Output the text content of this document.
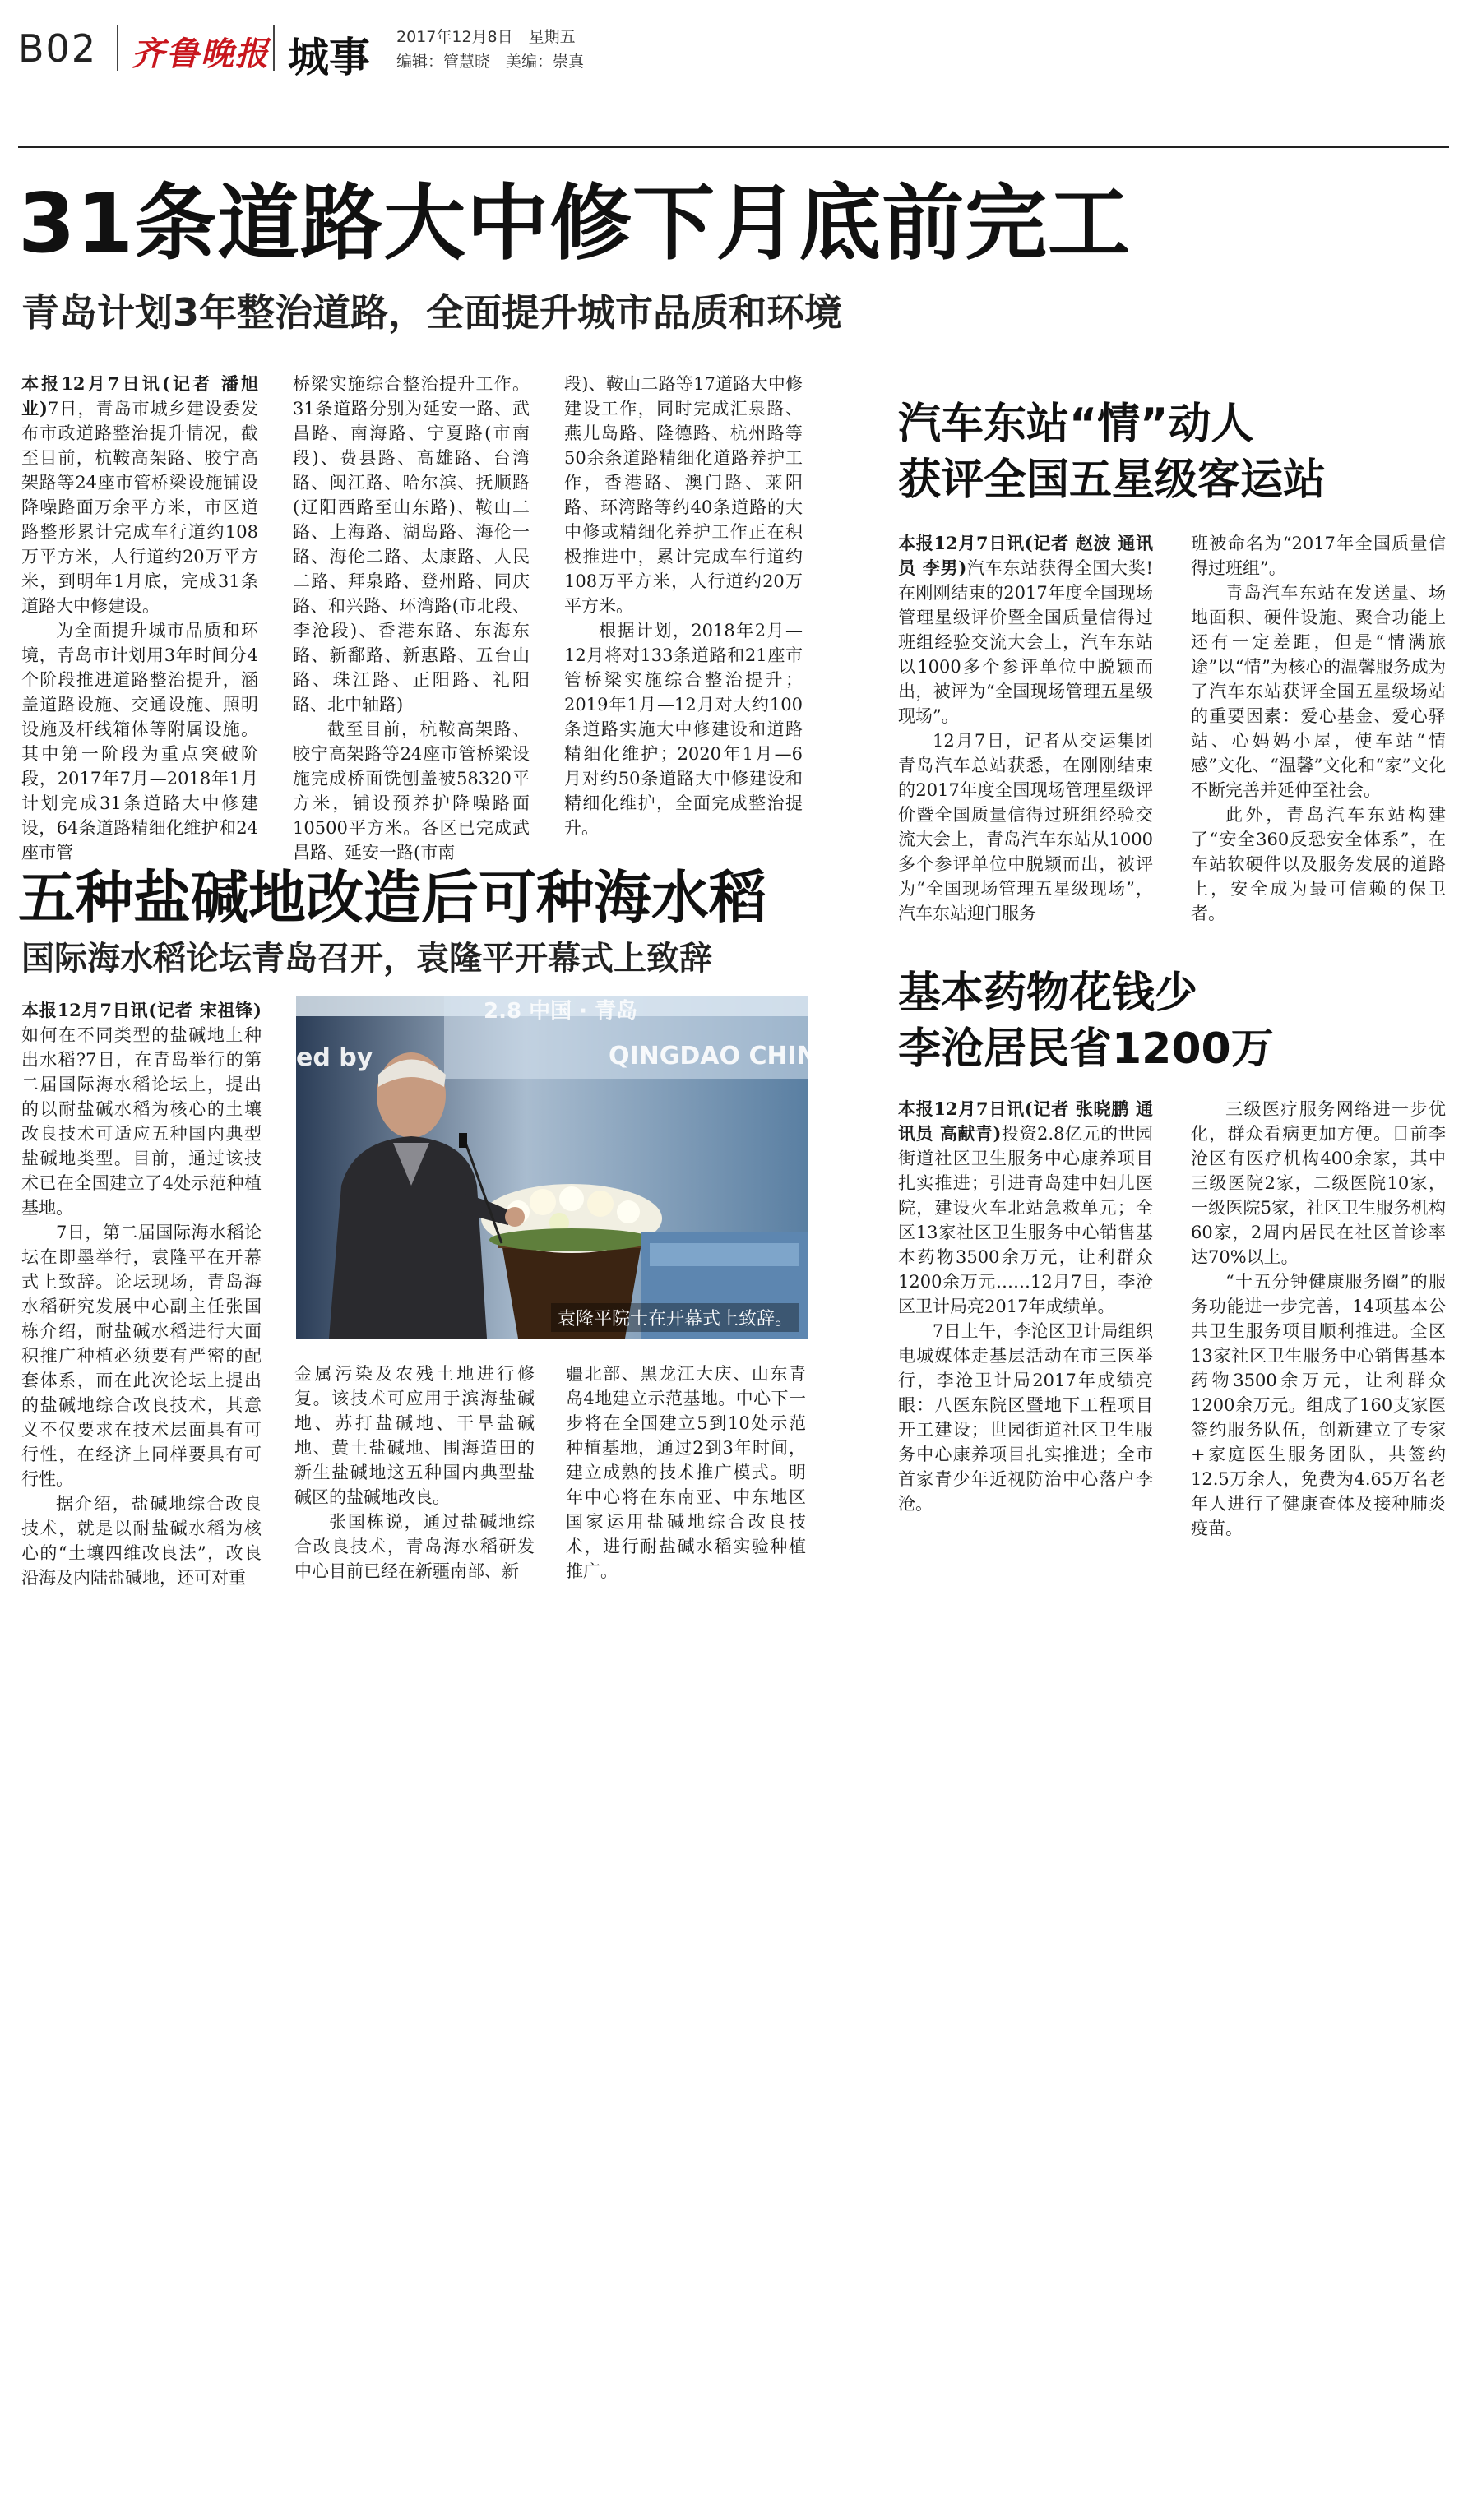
B02 齐鲁晚报 城事 2017年12月8日　星期五
编辑：管慧晓　美编：崇真
31条道路大中修下月底前完工
青岛计划3年整治道路，全面提升城市品质和环境

本报12月7日讯(记者 潘旭业)7日，青岛市城乡建设委发布市政道路整治提升情况，截至目前，杭鞍高架路、胶宁高架路等24座市管桥梁设施铺设降噪路面万余平方米，市区道路整形累计完成车行道约108万平方米，人行道约20万平方米，到明年1月底，完成31条道路大中修建设。

为全面提升城市品质和环境，青岛市计划用3年时间分4个阶段推进道路整治提升，涵盖道路设施、交通设施、照明设施及杆线箱体等附属设施。其中第一阶段为重点突破阶段，2017年7月—2018年1月计划完成31条道路大中修建设，64条道路精细化维护和24座市管

桥梁实施综合整治提升工作。31条道路分别为延安一路、武昌路、南海路、宁夏路(市南段)、费县路、高雄路、台湾路、闽江路、哈尔滨、抚顺路(辽阳西路至山东路)、鞍山二路、上海路、湖岛路、海伦一路、海伦二路、太康路、人民二路、拜泉路、登州路、同庆路、和兴路、环湾路(市北段、李沧段)、香港东路、东海东路、新鄱路、新惠路、五台山路、珠江路、正阳路、礼阳路、北中轴路)

截至目前，杭鞍高架路、胶宁高架路等24座市管桥梁设施完成桥面铣刨盖被58320平方米，铺设预养护降噪路面10500平方米。各区已完成武昌路、延安一路(市南

段)、鞍山二路等17道路大中修建设工作，同时完成汇泉路、燕儿岛路、隆德路、杭州路等50余条道路精细化道路养护工作，香港路、澳门路、莱阳路、环湾路等约40条道路的大中修或精细化养护工作正在积极推进中，累计完成车行道约108万平方米，人行道约20万平方米。

根据计划，2018年2月—12月将对133条道路和21座市管桥梁实施综合整治提升；2019年1月—12月对大约100条道路实施大中修建设和道路精细化维护；2020年1月—6月对约50条道路大中修建设和精细化维护，全面完成整治提升。

汽车东站“情”动人
获评全国五星级客运站

本报12月7日讯(记者 赵波 通讯员 李男)汽车东站获得全国大奖!在刚刚结束的2017年度全国现场管理星级评价暨全国质量信得过班组经验交流大会上，汽车东站以1000多个参评单位中脱颖而出，被评为“全国现场管理五星级现场”。

12月7日，记者从交运集团青岛汽车总站获悉，在刚刚结束的2017年度全国现场管理星级评价暨全国质量信得过班组经验交流大会上，青岛汽车东站从1000多个参评单位中脱颖而出，被评为“全国现场管理五星级现场”，汽车东站迎门服务

班被命名为“2017年全国质量信得过班组”。

青岛汽车东站在发送量、场地面积、硬件设施、聚合功能上还有一定差距，但是“情满旅途”以“情”为核心的温馨服务成为了汽车东站获评全国五星级场站的重要因素：爱心基金、爱心驿站、心妈妈小屋，使车站“情感”文化、“温馨”文化和“家”文化不断完善并延伸至社会。

此外，青岛汽车东站构建了“安全360反恐安全体系”，在车站软硬件以及服务发展的道路上，安全成为最可信赖的保卫者。

五种盐碱地改造后可种海水稻
国际海水稻论坛青岛召开，袁隆平开幕式上致辞

本报12月7日讯(记者 宋祖锋)如何在不同类型的盐碱地上种出水稻?7日，在青岛举行的第二届国际海水稻论坛上，提出的以耐盐碱水稻为核心的土壤改良技术可适应五种国内典型盐碱地类型。目前，通过该技术已在全国建立了4处示范种植基地。

7日，第二届国际海水稻论坛在即墨举行，袁隆平在开幕式上致辞。论坛现场，青岛海水稻研究发展中心副主任张国栋介绍，耐盐碱水稻进行大面积推广种植必须要有严密的配套体系，而在此次论坛上提出的盐碱地综合改良技术，其意义不仅要求在技术层面具有可行性，在经济上同样要具有可行性。

据介绍，盐碱地综合改良技术，就是以耐盐碱水稻为核心的“土壤四维改良法”，改良沿海及内陆盐碱地，还可对重

2.8 中国 · 青岛
QINGDAO CHINA
ed by
袁隆平院士在开幕式上致辞。

金属污染及农残土地进行修复。该技术可应用于滨海盐碱地、苏打盐碱地、干旱盐碱地、黄土盐碱地、围海造田的新生盐碱地这五种国内典型盐碱区的盐碱地改良。

张国栋说，通过盐碱地综合改良技术，青岛海水稻研发中心目前已经在新疆南部、新

疆北部、黑龙江大庆、山东青岛4地建立示范基地。中心下一步将在全国建立5到10处示范种植基地，通过2到3年时间，建立成熟的技术推广模式。明年中心将在东南亚、中东地区国家运用盐碱地综合改良技术，进行耐盐碱水稻实验种植推广。

基本药物花钱少
李沧居民省1200万

本报12月7日讯(记者 张晓鹏 通讯员 高献青)投资2.8亿元的世园街道社区卫生服务中心康养项目扎实推进；引进青岛建中妇儿医院，建设火车北站急救单元；全区13家社区卫生服务中心销售基本药物3500余万元，让利群众1200余万元……12月7日，李沧区卫计局亮2017年成绩单。

7日上午，李沧区卫计局组织电城媒体走基层活动在市三医举行，李沧卫计局2017年成绩亮眼：八医东院区暨地下工程项目开工建设；世园街道社区卫生服务中心康养项目扎实推进；全市首家青少年近视防治中心落户李沧。

三级医疗服务网络进一步优化，群众看病更加方便。目前李沧区有医疗机构400余家，其中三级医院2家，二级医院10家，一级医院5家，社区卫生服务机构60家，2周内居民在社区首诊率达70%以上。

“十五分钟健康服务圈”的服务功能进一步完善，14项基本公共卫生服务项目顺利推进。全区13家社区卫生服务中心销售基本药物3500余万元，让利群众1200余万元。组成了160支家医签约服务队伍，创新建立了专家+家庭医生服务团队，共签约12.5万余人，免费为4.65万名老年人进行了健康查体及接种肺炎疫苗。
